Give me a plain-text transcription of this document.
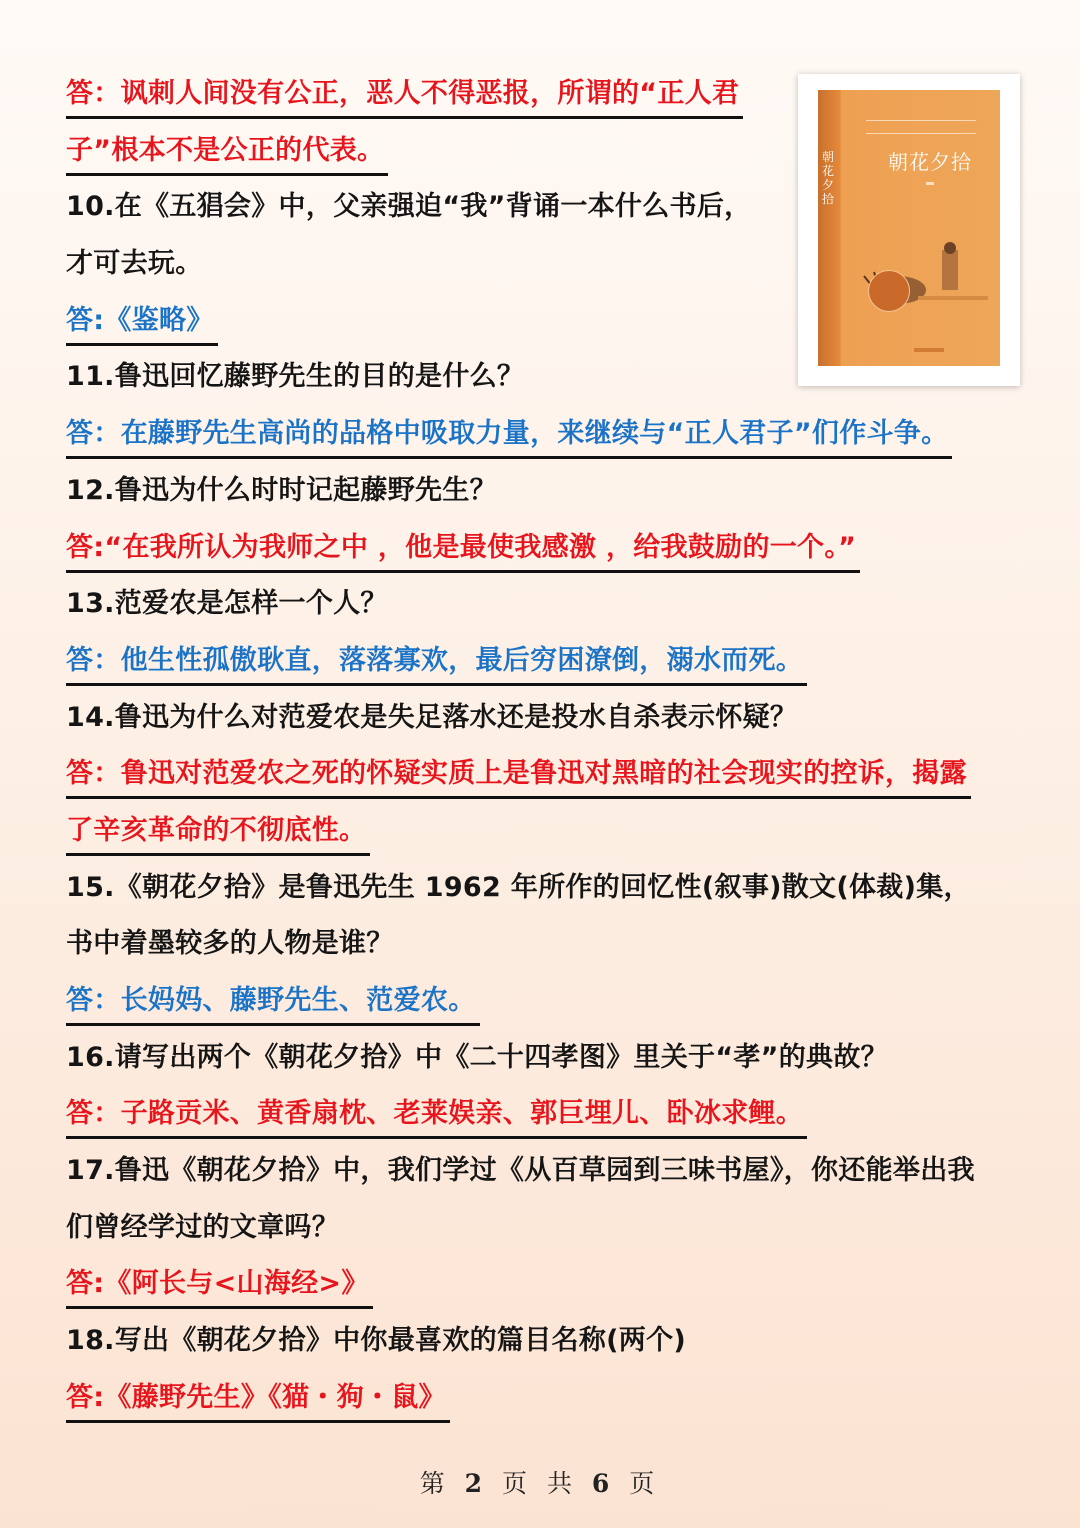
答：讽刺人间没有公正，恶人不得恶报，所谓的“正人君
子”根本不是公正的代表。
10.在《五猖会》中，父亲强迫“我”背诵一本什么书后，
才可去玩。
答:《鉴略》
11.鲁迅回忆藤野先生的目的是什么？
答：在藤野先生高尚的品格中吸取力量，来继续与“正人君子”们作斗争。
12.鲁迅为什么时时记起藤野先生？
答:“在我所认为我师之中 ，他是最使我感激 ，给我鼓励的一个。”
13.范爱农是怎样一个人？
答：他生性孤傲耿直，落落寡欢，最后穷困潦倒，溺水而死。
14.鲁迅为什么对范爱农是失足落水还是投水自杀表示怀疑？
答：鲁迅对范爱农之死的怀疑实质上是鲁迅对黑暗的社会现实的控诉，揭露
了辛亥革命的不彻底性。
15.《朝花夕拾》是鲁迅先生 1962 年所作的回忆性(叙事)散文(体裁)集，
书中着墨较多的人物是谁？
答：长妈妈、藤野先生、范爱农。
16.请写出两个《朝花夕拾》中《二十四孝图》里关于“孝”的典故？
答：子路贡米、黄香扇枕、老莱娱亲、郭巨埋儿、卧冰求鲤。
17.鲁迅《朝花夕拾》中，我们学过《从百草园到三味书屋》，你还能举出我
们曾经学过的文章吗？
答:《阿长与<山海经>》
18.写出《朝花夕拾》中你最喜欢的篇目名称(两个)
答:《藤野先生》《猫・狗・鼠》
朝花夕拾
朝花夕拾
第 2 页 共 6 页
